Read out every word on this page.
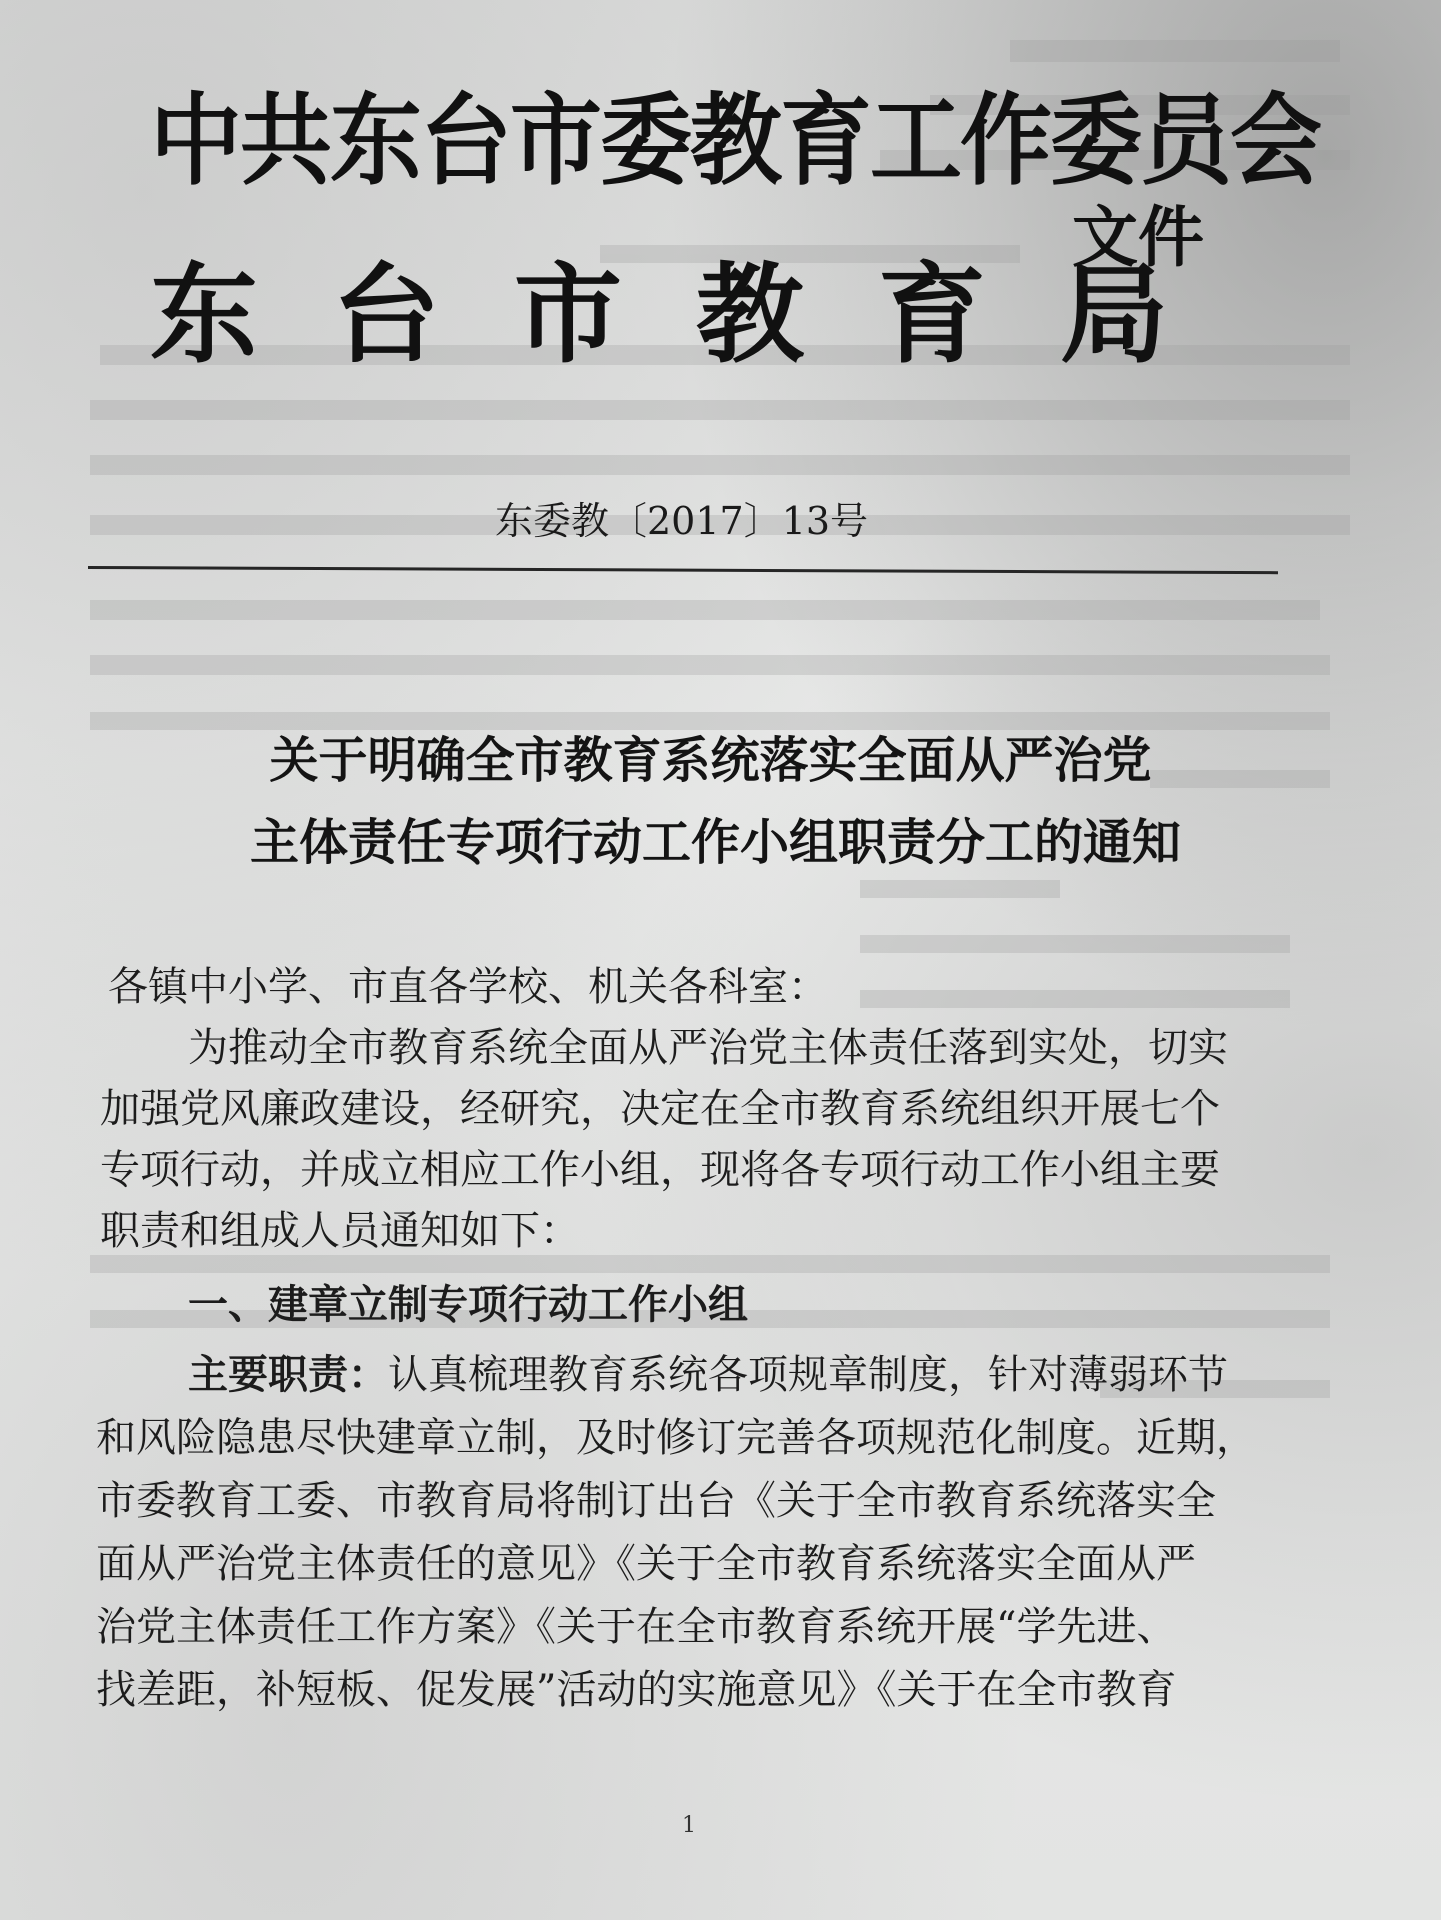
中共东台市委教育工作委员会
东台市教育局
文件
东委教〔2017〕13号
关于明确全市教育系统落实全面从严治党
主体责任专项行动工作小组职责分工的通知
各镇中小学、市直各学校、机关各科室：
为推动全市教育系统全面从严治党主体责任落到实处，切实
加强党风廉政建设，经研究，决定在全市教育系统组织开展七个
专项行动，并成立相应工作小组，现将各专项行动工作小组主要
职责和组成人员通知如下：
一、建章立制专项行动工作小组
主要职责：认真梳理教育系统各项规章制度，针对薄弱环节
和风险隐患尽快建章立制，及时修订完善各项规范化制度。近期，
市委教育工委、市教育局将制订出台《关于全市教育系统落实全
面从严治党主体责任的意见》《关于全市教育系统落实全面从严
治党主体责任工作方案》《关于在全市教育系统开展“学先进、
找差距，补短板、促发展”活动的实施意见》《关于在全市教育
1
